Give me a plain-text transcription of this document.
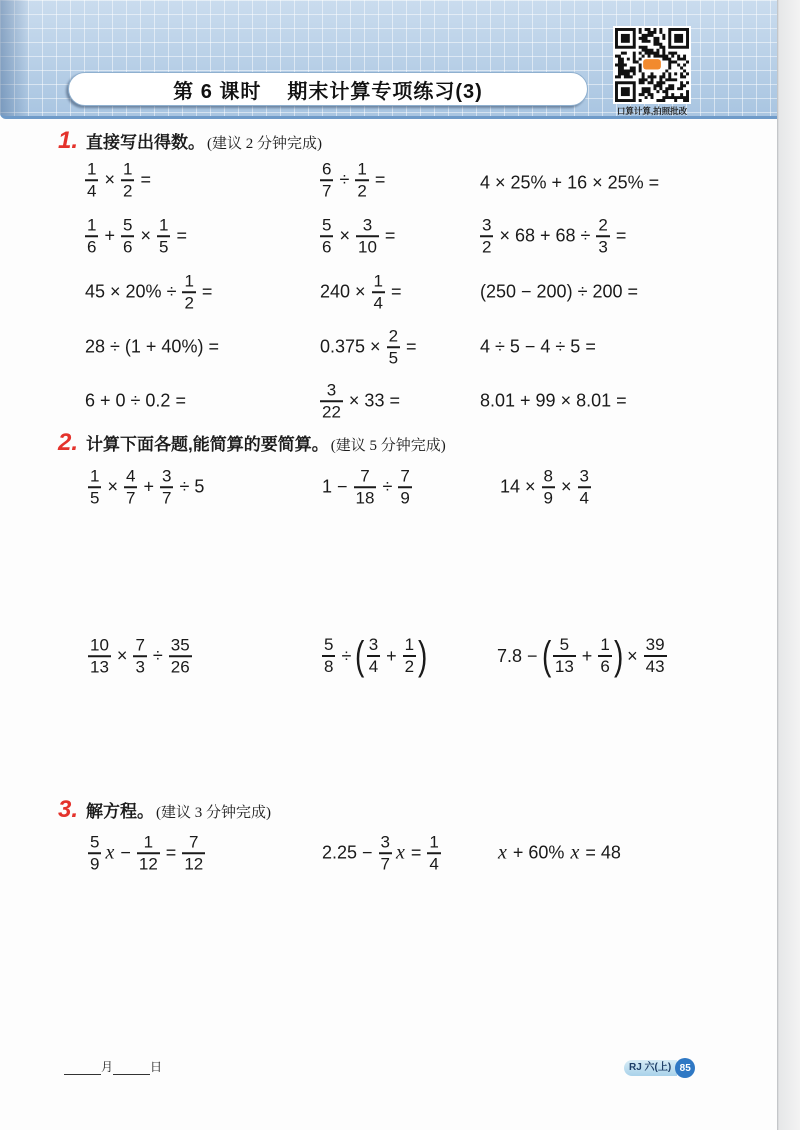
第 6 课时 期末计算专项练习(3)
口算计算,拍照批改
1. 直接写出得数。 (建议 2 分钟完成)
$\frac{1}{4} \times \frac{1}{2}$ =	$\frac{6}{7} \div \frac{1}{2}$ =	4 × 25% + 16 × 25% =
$\frac{1}{6} + \frac{5}{6} \times \frac{1}{5}$ =	$\frac{5}{6} \times \frac{3}{10}$ =	$\frac{3}{2} \times 68 + 68 \div \frac{2}{3}$ =
$45 \times 20\% \div \frac{1}{2}$ =	$240 \times \frac{1}{4}$ =	(250 − 200) ÷ 200 =
28 ÷ (1 + 40%) =	$0.375 \times \frac{2}{5}$ =	4 ÷ 5 − 4 ÷ 5 =
6 + 0 ÷ 0.2 =	$\frac{3}{22} \times 33$ =	8.01 + 99 × 8.01 =
2. 计算下面各题,能简算的要简算。 (建议 5 分钟完成)
$\frac{1}{5} \times \frac{4}{7} + \frac{3}{7} \div 5$	$1 - \frac{7}{18} \div \frac{7}{9}$	$14 \times \frac{8}{9} \times \frac{3}{4}$
$\frac{10}{13} \times \frac{7}{3} \div \frac{35}{26}$	$\frac{5}{8}$ ÷ ( $\frac{3}{4} + \frac{1}{2}$ )	7.8 − ( $\frac{5}{13} + \frac{1}{6}$ ) × $\frac{39}{43}$
3. 解方程。 (建议 3 分钟完成)
$\frac{5}{9}$ $x - \frac{1}{12} = \frac{7}{12}$	$2.25 - \frac{3}{7}$ $x = \frac{1}{4}$	x + 60% x = 48
月	日	RJ 六(上) 85
